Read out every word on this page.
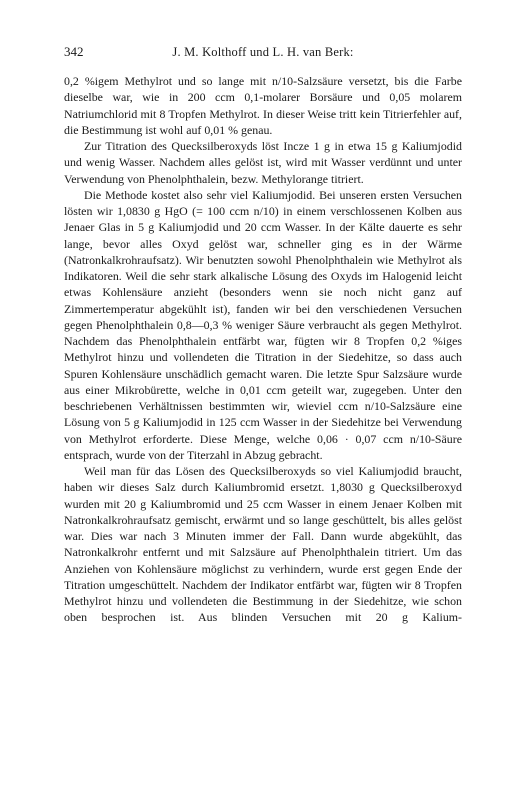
342	J. M. Kolthoff und L. H. van Berk:

0,2 %igem Methylrot und so lange mit n/10-Salzsäure versetzt, bis die Farbe dieselbe war, wie in 200 ccm 0,1-molarer Borsäure und 0,05 molarem Natriumchlorid mit 8 Tropfen Methylrot. In dieser Weise tritt kein Titrierfehler auf, die Bestimmung ist wohl auf 0,01 % genau.

Zur Titration des Quecksilberoxyds löst Incze 1 g in etwa 15 g Kaliumjodid und wenig Wasser. Nachdem alles gelöst ist, wird mit Wasser verdünnt und unter Verwendung von Phenolphthalein, bezw. Methylorange titriert.

Die Methode kostet also sehr viel Kaliumjodid. Bei unseren ersten Versuchen lösten wir 1,0830 g HgO (= 100 ccm n/10) in einem verschlossenen Kolben aus Jenaer Glas in 5 g Kaliumjodid und 20 ccm Wasser. In der Kälte dauerte es sehr lange, bevor alles Oxyd gelöst war, schneller ging es in der Wärme (Natronkalkrohraufsatz). Wir benutzten sowohl Phenolphthalein wie Methylrot als Indikatoren. Weil die sehr stark alkalische Lösung des Oxyds im Halogenid leicht etwas Kohlensäure anzieht (besonders wenn sie noch nicht ganz auf Zimmertemperatur abgekühlt ist), fanden wir bei den verschiedenen Versuchen gegen Phenolphthalein 0,8—0,3 % weniger Säure verbraucht als gegen Methylrot. Nachdem das Phenolphthalein entfärbt war, fügten wir 8 Tropfen 0,2 %iges Methylrot hinzu und vollendeten die Titration in der Siedehitze, so dass auch Spuren Kohlensäure unschädlich gemacht waren. Die letzte Spur Salzsäure wurde aus einer Mikrobürette, welche in 0,01 ccm geteilt war, zugegeben. Unter den beschriebenen Verhältnissen bestimmten wir, wieviel ccm n/10-Salzsäure eine Lösung von 5 g Kaliumjodid in 125 ccm Wasser in der Siedehitze bei Verwendung von Methylrot erforderte. Diese Menge, welche 0,06 · 0,07 ccm n/10-Säure entsprach, wurde von der Titerzahl in Abzug gebracht.

Weil man für das Lösen des Quecksilberoxyds so viel Kaliumjodid braucht, haben wir dieses Salz durch Kaliumbromid ersetzt. 1,8030 g Quecksilberoxyd wurden mit 20 g Kaliumbromid und 25 ccm Wasser in einem Jenaer Kolben mit Natronkalkrohraufsatz gemischt, erwärmt und so lange geschüttelt, bis alles gelöst war. Dies war nach 3 Minuten immer der Fall. Dann wurde abgekühlt, das Natronkalkrohr entfernt und mit Salzsäure auf Phenolphthalein titriert. Um das Anziehen von Kohlensäure möglichst zu verhindern, wurde erst gegen Ende der Titration umgeschüttelt. Nachdem der Indikator entfärbt war, fügten wir 8 Tropfen Methylrot hinzu und vollendeten die Bestimmung in der Siedehitze, wie schon oben besprochen ist. Aus blinden Versuchen mit 20 g Kalium-
